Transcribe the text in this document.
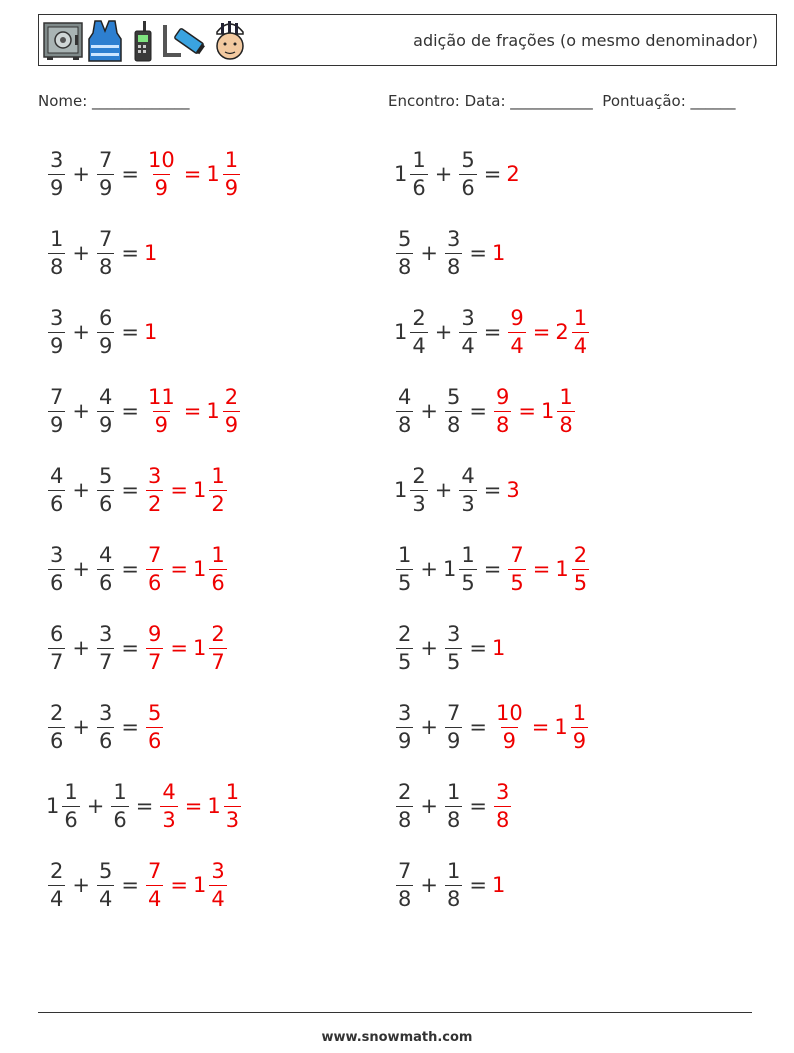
adição de frações (o mesmo denominador)
Nome: _____________	Encontro: Data: ___________  Pontuação: ______
$\frac{3}{9} + \frac{7}{9} = \frac{10}{9} = 1 \frac{1}{9}$	$1 \frac{1}{6} + \frac{5}{6} = 2$
$\frac{1}{8} + \frac{7}{8} = 1$	$\frac{5}{8} + \frac{3}{8} = 1$
$\frac{3}{9} + \frac{6}{9} = 1$	$1 \frac{2}{4} + \frac{3}{4} = \frac{9}{4} = 2 \frac{1}{4}$
$\frac{7}{9} + \frac{4}{9} = \frac{11}{9} = 1 \frac{2}{9}$	$\frac{4}{8} + \frac{5}{8} = \frac{9}{8} = 1 \frac{1}{8}$
$\frac{4}{6} + \frac{5}{6} = \frac{3}{2} = 1 \frac{1}{2}$	$1 \frac{2}{3} + \frac{4}{3} = 3$
$\frac{3}{6} + \frac{4}{6} = \frac{7}{6} = 1 \frac{1}{6}$	$\frac{1}{5} + 1 \frac{1}{5} = \frac{7}{5} = 1 \frac{2}{5}$
$\frac{6}{7} + \frac{3}{7} = \frac{9}{7} = 1 \frac{2}{7}$	$\frac{2}{5} + \frac{3}{5} = 1$
$\frac{2}{6} + \frac{3}{6} = \frac{5}{6}$	$\frac{3}{9} + \frac{7}{9} = \frac{10}{9} = 1 \frac{1}{9}$
$1 \frac{1}{6} + \frac{1}{6} = \frac{4}{3} = 1 \frac{1}{3}$	$\frac{2}{8} + \frac{1}{8} = \frac{3}{8}$
$\frac{2}{4} + \frac{5}{4} = \frac{7}{4} = 1 \frac{3}{4}$	$\frac{7}{8} + \frac{1}{8} = 1$
www.snowmath.com
